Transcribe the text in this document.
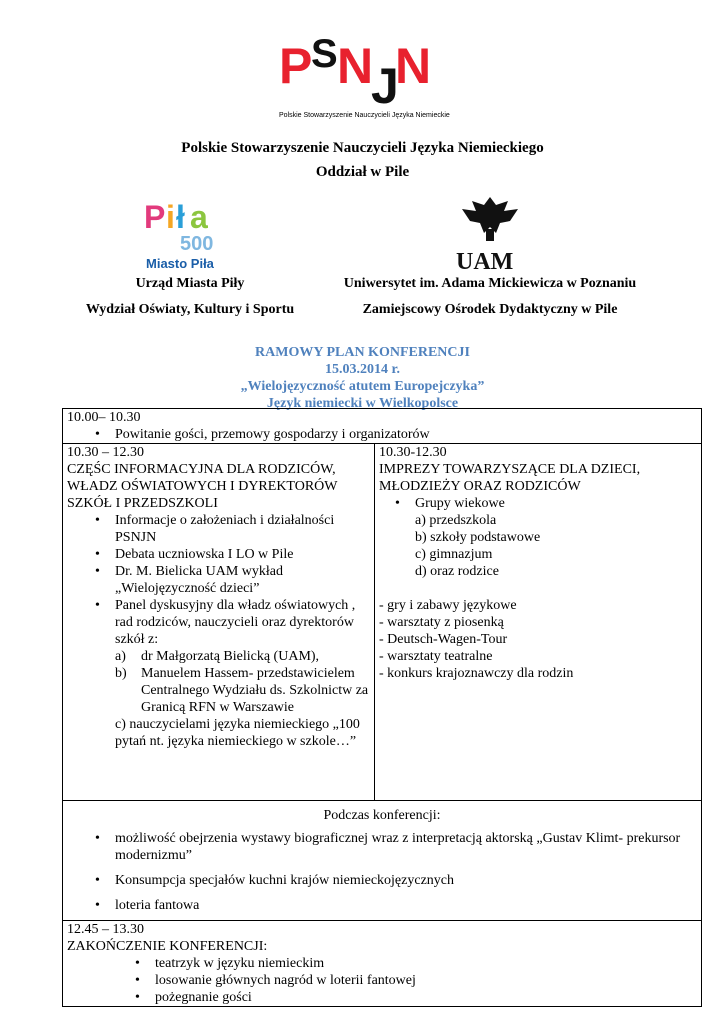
P
S N
J
N
Polskie Stowarzyszenie Nauczycieli Języka Niemieckiego
Polskie Stowarzyszenie Nauczycieli Języka Niemieckiego
Oddział w Pile
P i ł a
500
Miasto Piła	UAM
Urząd Miasta Piły
Wydział Oświaty, Kultury i Sportu
Uniwersytet im. Adama Mickiewicza w Poznaniu
Zamiejscowy Ośrodek Dydaktyczny w Pile
RAMOWY PLAN KONFERENCJI
15.03.2014 r.
„Wielojęzyczność atutem Europejczyka”
Język niemiecki w Wielkopolsce
10.00– 10.30
• Powitanie gości, przemowy gospodarzy i organizatorów

10.30 – 12.30
CZĘŚC INFORMACYJNA DLA RODZICÓW, WŁADZ OŚWIATOWYCH I DYREKTORÓW SZKÓŁ I PRZEDSZKOLI
• Informacje o założeniach i działalności PSNJN
• Debata uczniowska I LO w Pile
• Dr. M. Bielicka UAM wykład „Wielojęzyczność dzieci”
• Panel dyskusyjny dla władz oświatowych , rad rodziców, nauczycieli oraz dyrektorów szkół z:
a) dr Małgorzatą Bielicką (UAM),
b) Manuelem Hassem- przedstawicielem Centralnego Wydziału ds. Szkolnictw za Granicą RFN w Warszawie
c) nauczycielami języka niemieckiego „100 pytań nt. języka niemieckiego w szkole…”

10.30-12.30
IMPREZY TOWARZYSZĄCE DLA DZIECI, MŁODZIEŻY ORAZ RODZICÓW
• Grupy wiekowe
a) przedszkola
b) szkoły podstawowe
c) gimnazjum
d) oraz rodzice
- gry i zabawy językowe
- warsztaty z piosenką
- Deutsch-Wagen-Tour
- warsztaty teatralne
- konkurs krajoznawczy dla rodzin

Podczas konferencji:
• możliwość obejrzenia wystawy biograficznej wraz z interpretacją aktorską „Gustav Klimt- prekursor modernizmu”
• Konsumpcja specjałów kuchni krajów niemieckojęzycznych
• loteria fantowa

12.45 – 13.30
ZAKOŃCZENIE KONFERENCJI:
• teatrzyk w języku niemieckim
• losowanie głównych nagród w loterii fantowej
• pożegnanie gości
